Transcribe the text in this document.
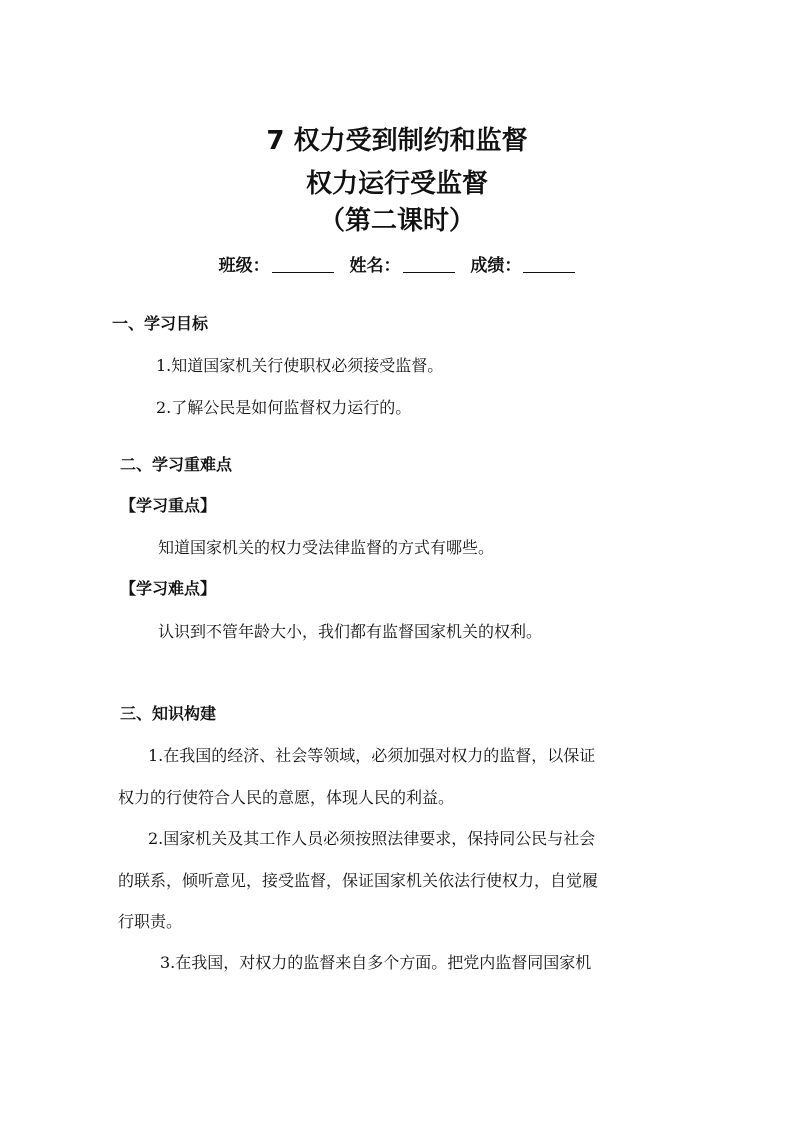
7 权力受到制约和监督
权力运行受监督
（第二课时）
班级：	姓名：	成绩：
一、学习目标
1.知道国家机关行使职权必须接受监督。
2.了解公民是如何监督权力运行的。
二、学习重难点
【学习重点】
知道国家机关的权力受法律监督的方式有哪些。
【学习难点】
认识到不管年龄大小，我们都有监督国家机关的权利。
三、知识构建
1.在我国的经济、社会等领域，必须加强对权力的监督，以保证
权力的行使符合人民的意愿，体现人民的利益。
2.国家机关及其工作人员必须按照法律要求，保持同公民与社会
的联系，倾听意见，接受监督，保证国家机关依法行使权力，自觉履
行职责。
3.在我国，对权力的监督来自多个方面。把党内监督同国家机
